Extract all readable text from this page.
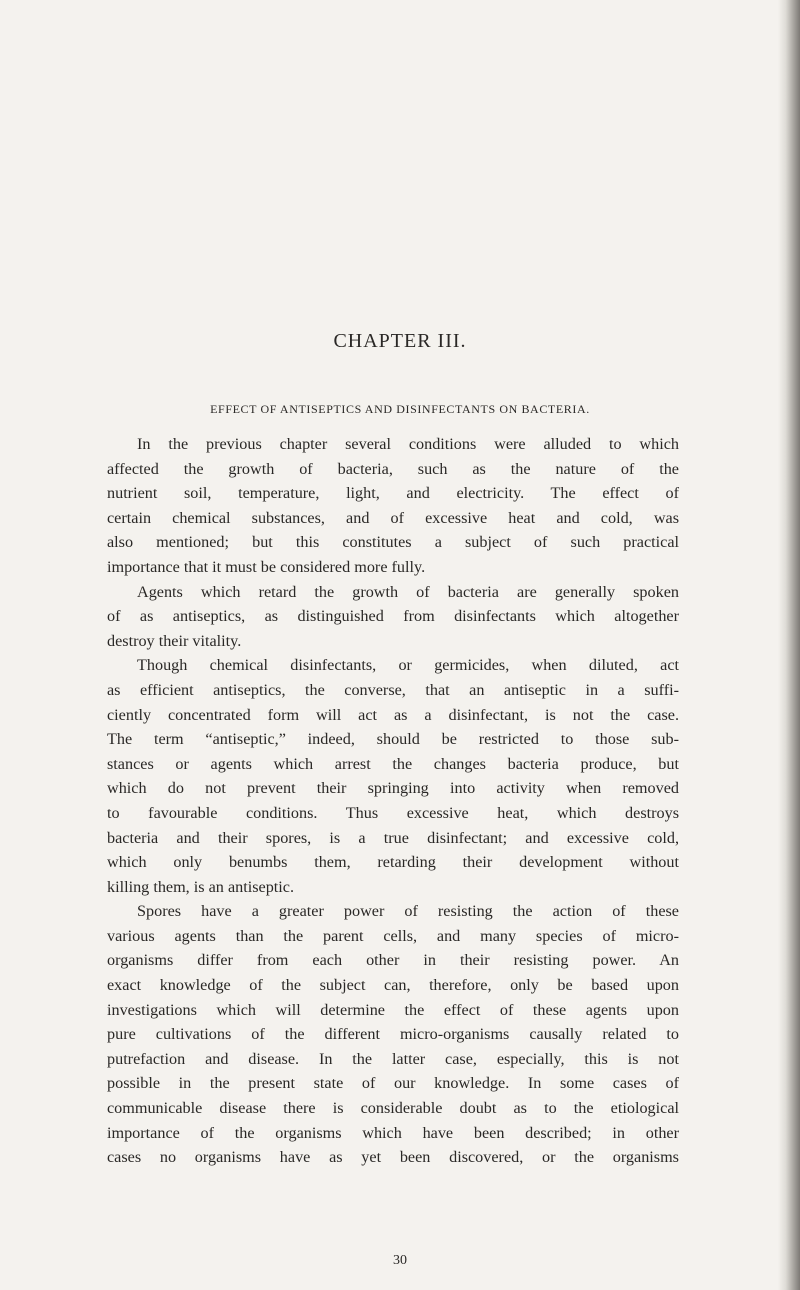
CHAPTER III.
EFFECT OF ANTISEPTICS AND DISINFECTANTS ON BACTERIA.
In the previous chapter several conditions were alluded to which
affected the growth of bacteria, such as the nature of the
nutrient soil, temperature, light, and electricity. The effect of
certain chemical substances, and of excessive heat and cold, was
also mentioned; but this constitutes a subject of such practical
importance that it must be considered more fully.
Agents which retard the growth of bacteria are generally spoken
of as antiseptics, as distinguished from disinfectants which altogether
destroy their vitality.
Though chemical disinfectants, or germicides, when diluted, act
as efficient antiseptics, the converse, that an antiseptic in a suffi-
ciently concentrated form will act as a disinfectant, is not the case.
The term “antiseptic,” indeed, should be restricted to those sub-
stances or agents which arrest the changes bacteria produce, but
which do not prevent their springing into activity when removed
to favourable conditions. Thus excessive heat, which destroys
bacteria and their spores, is a true disinfectant; and excessive cold,
which only benumbs them, retarding their development without
killing them, is an antiseptic.
Spores have a greater power of resisting the action of these
various agents than the parent cells, and many species of micro-
organisms differ from each other in their resisting power. An
exact knowledge of the subject can, therefore, only be based upon
investigations which will determine the effect of these agents upon
pure cultivations of the different micro-organisms causally related to
putrefaction and disease. In the latter case, especially, this is not
possible in the present state of our knowledge. In some cases of
communicable disease there is considerable doubt as to the etiological
importance of the organisms which have been described; in other
cases no organisms have as yet been discovered, or the organisms
30
